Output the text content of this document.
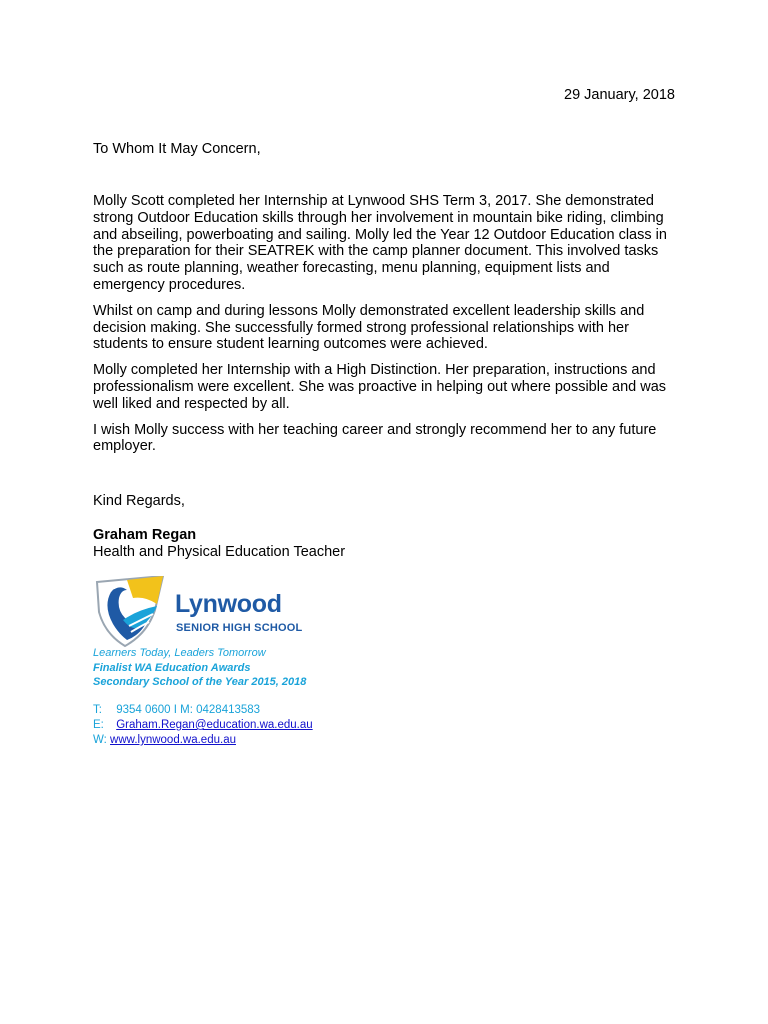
29 January, 2018
To Whom It May Concern,

Molly Scott completed her Internship at Lynwood SHS Term 3, 2017. She demonstrated strong Outdoor Education skills through her involvement in mountain bike riding, climbing and abseiling, powerboating and sailing. Molly led the Year 12 Outdoor Education class in the preparation for their SEATREK with the camp planner document. This involved tasks such as route planning, weather forecasting, menu planning, equipment lists and emergency procedures.

Whilst on camp and during lessons Molly demonstrated excellent leadership skills and decision making. She successfully formed strong professional relationships with her students to ensure student learning outcomes were achieved.

Molly completed her Internship with a High Distinction. Her preparation, instructions and professionalism were excellent. She was proactive in helping out where possible and was well liked and respected by all.

I wish Molly success with her teaching career and strongly recommend her to any future employer.

Kind Regards,
Graham Regan
Health and Physical Education Teacher
Lynwood
SENIOR HIGH SCHOOL
Learners Today, Leaders Tomorrow
Finalist WA Education Awards
Secondary School of the Year 2015, 2018
T: 9354 0600 I M: 0428413583
E: Graham.Regan@education.wa.edu.au
W: www.lynwood.wa.edu.au
